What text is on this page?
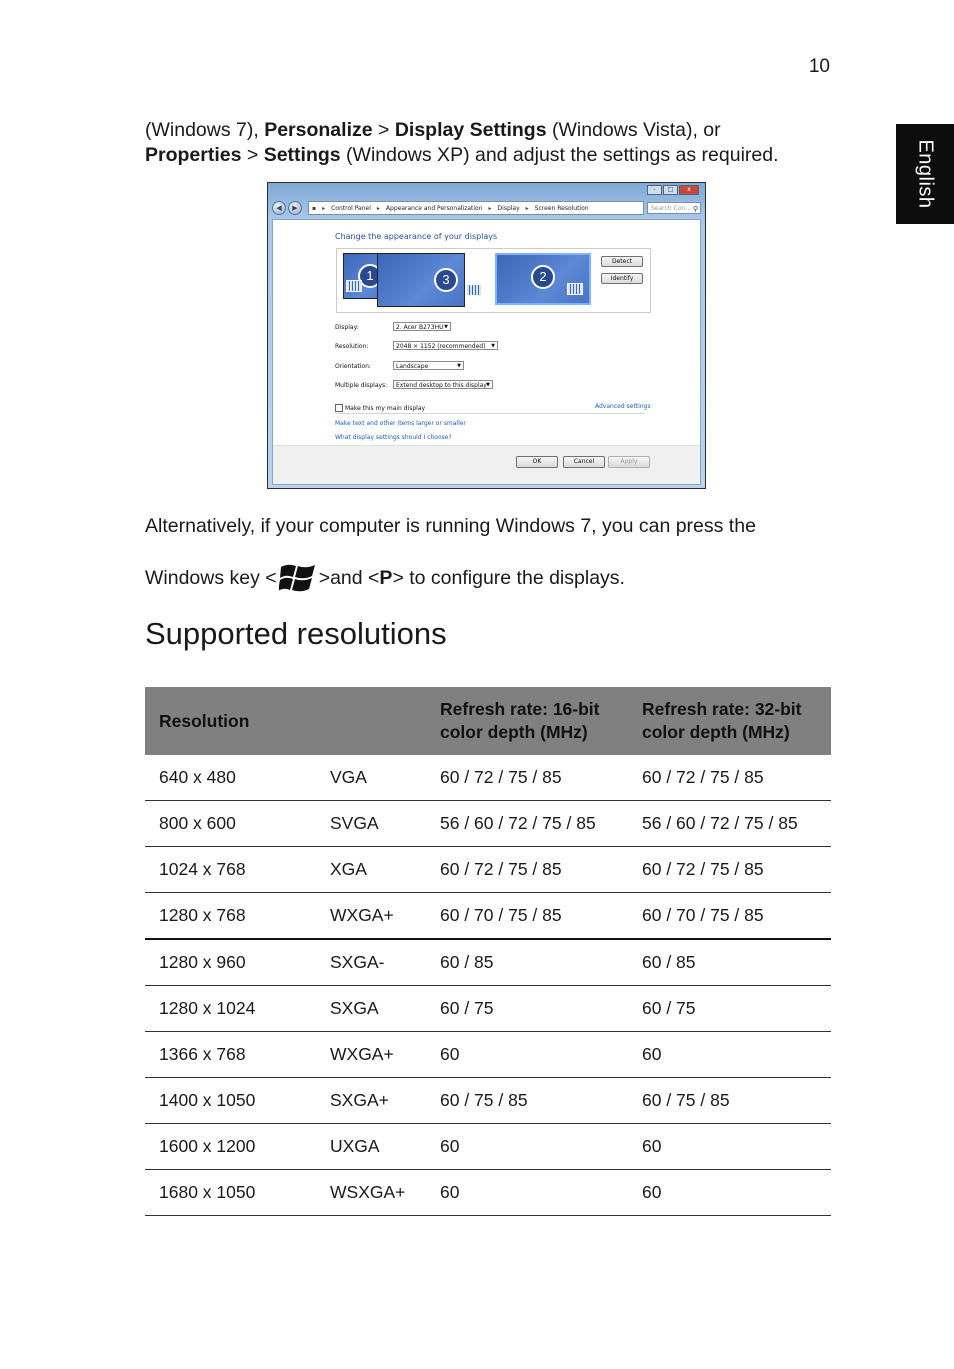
10
English
(Windows 7), Personalize > Display Settings (Windows Vista), or
Properties > Settings (Windows XP) and adjust the settings as required.
-	□	x
◀	▶	▪ ▸ Control Panel ▸ Appearance and Personalization ▸ Display ▸ Screen Resolution	Search Con... ⚲
Change the appearance of your displays
1	3	2
Detect
Identify
Display:	2. Acer B273HU ▼
Resolution:	2048 × 1152 (recommended) ▼
Orientation:	Landscape	▼
Multiple displays:	Extend desktop to this display ▼
Make this my main display	Advanced settings
Make text and other items larger or smaller
What display settings should I choose?
OK	Cancel	Apply
Alternatively, if your computer is running Windows 7, you can press the
Windows key < >and < P > to configure the displays.
Supported resolutions
Resolution		Refresh rate: 16-bit color depth (MHz)	Refresh rate: 32-bit color depth (MHz)
640 x 480	VGA	60 / 72 / 75 / 85	60 / 72 / 75 / 85
800 x 600	SVGA	56 / 60 / 72 / 75 / 85	56 / 60 / 72 / 75 / 85
1024 x 768	XGA	60 / 72 / 75 / 85	60 / 72 / 75 / 85
1280 x 768	WXGA+	60 / 70 / 75 / 85	60 / 70 / 75 / 85
1280 x 960	SXGA-	60 / 85	60 / 85
1280 x 1024	SXGA	60 / 75	60 / 75
1366 x 768	WXGA+	60	60
1400 x 1050	SXGA+	60 / 75 / 85	60 / 75 / 85
1600 x 1200	UXGA	60	60
1680 x 1050	WSXGA+	60	60
